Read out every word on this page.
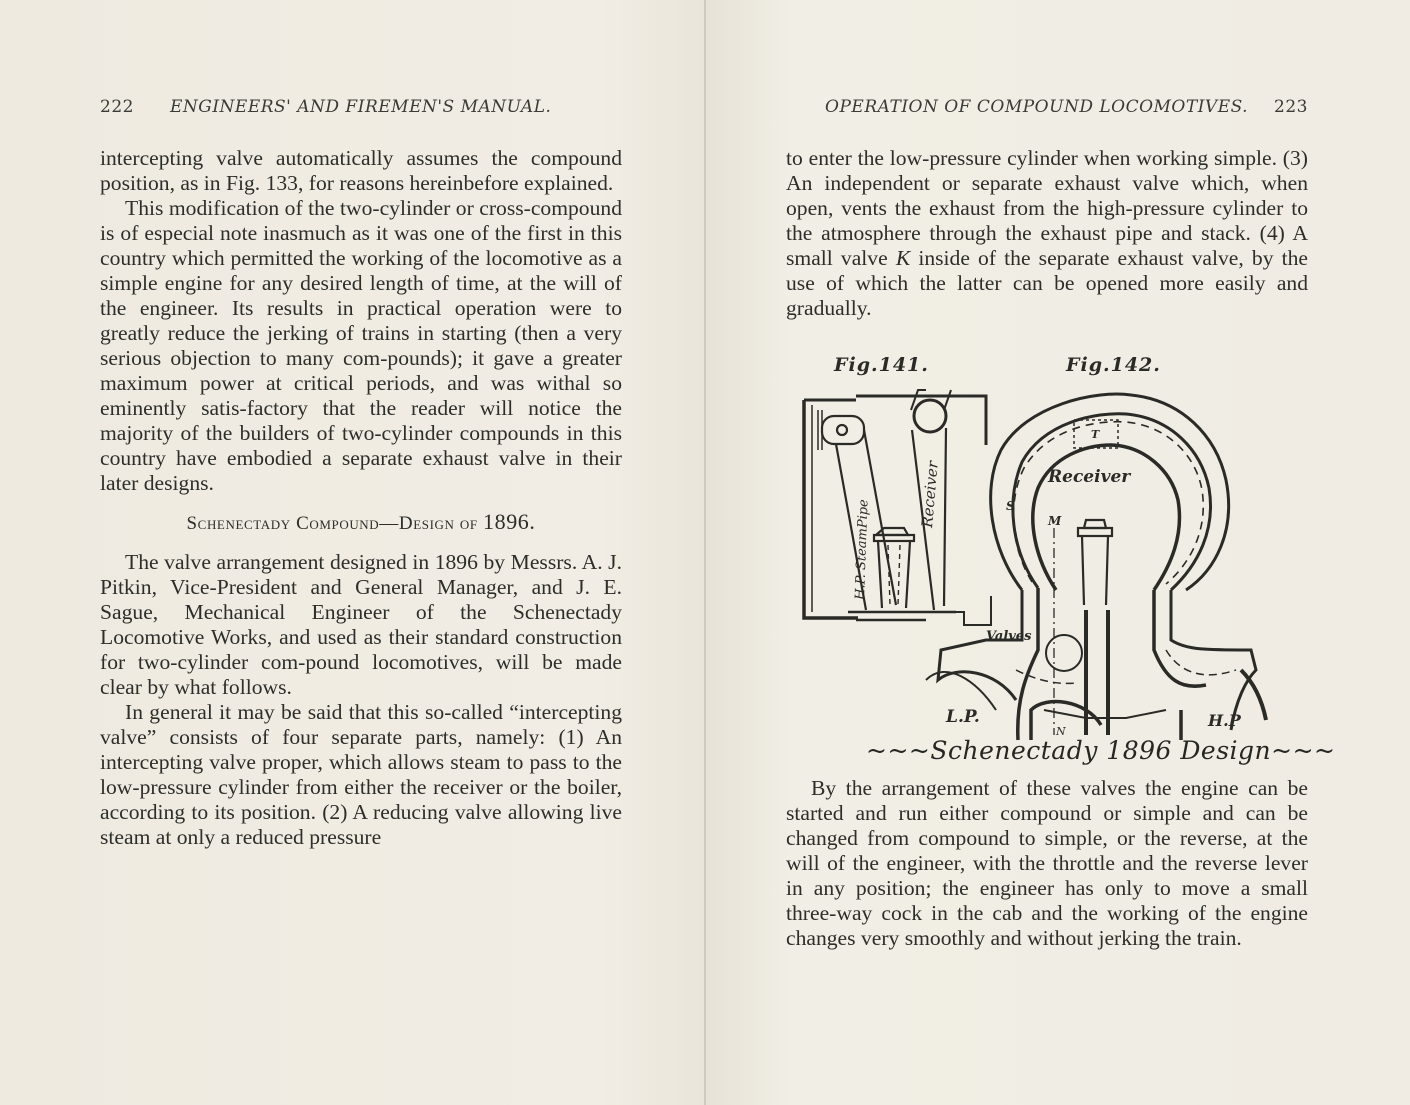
222 ENGINEERS' AND FIREMEN'S MANUAL.

intercepting valve automatically assumes the compound position, as in Fig. 133, for reasons hereinbefore explained.

This modification of the two-cylinder or cross-compound is of especial note inasmuch as it was one of the first in this country which permitted the working of the locomotive as a simple engine for any desired length of time, at the will of the engineer. Its results in practical operation were to greatly reduce the jerking of trains in starting (then a very serious objection to many com-pounds); it gave a greater maximum power at critical periods, and was withal so eminently satis-factory that the reader will notice the majority of the builders of two-cylinder compounds in this country have embodied a separate exhaust valve in their later designs.

Schenectady Compound—Design of 1896.

The valve arrangement designed in 1896 by Messrs. A. J. Pitkin, Vice-President and General Manager, and J. E. Sague, Mechanical Engineer of the Schenectady Locomotive Works, and used as their standard construction for two-cylinder com-pound locomotives, will be made clear by what follows.

In general it may be said that this so-called “intercepting valve” consists of four separate parts, namely: (1) An intercepting valve proper, which allows steam to pass to the low-pressure cylinder from either the receiver or the boiler, according to its position. (2) A reducing valve allowing live steam at only a reduced pressure

OPERATION OF COMPOUND LOCOMOTIVES. 223

to enter the low-pressure cylinder when working simple. (3) An independent or separate exhaust valve which, when open, vents the exhaust from the high-pressure cylinder to the atmosphere through the exhaust pipe and stack. (4) A small valve K inside of the separate exhaust valve, by the use of which the latter can be opened more easily and gradually.

Fig.141.	Fig.142.
H.P. SteamPipe
Receiver	Receiver
T
S
M
N
Valves
L.P.	H.P
~~~Schenectady 1896 Design~~~

By the arrangement of these valves the engine can be started and run either compound or simple and can be changed from compound to simple, or the reverse, at the will of the engineer, with the throttle and the reverse lever in any position; the engineer has only to move a small three-way cock in the cab and the working of the engine changes very smoothly and without jerking the train.
